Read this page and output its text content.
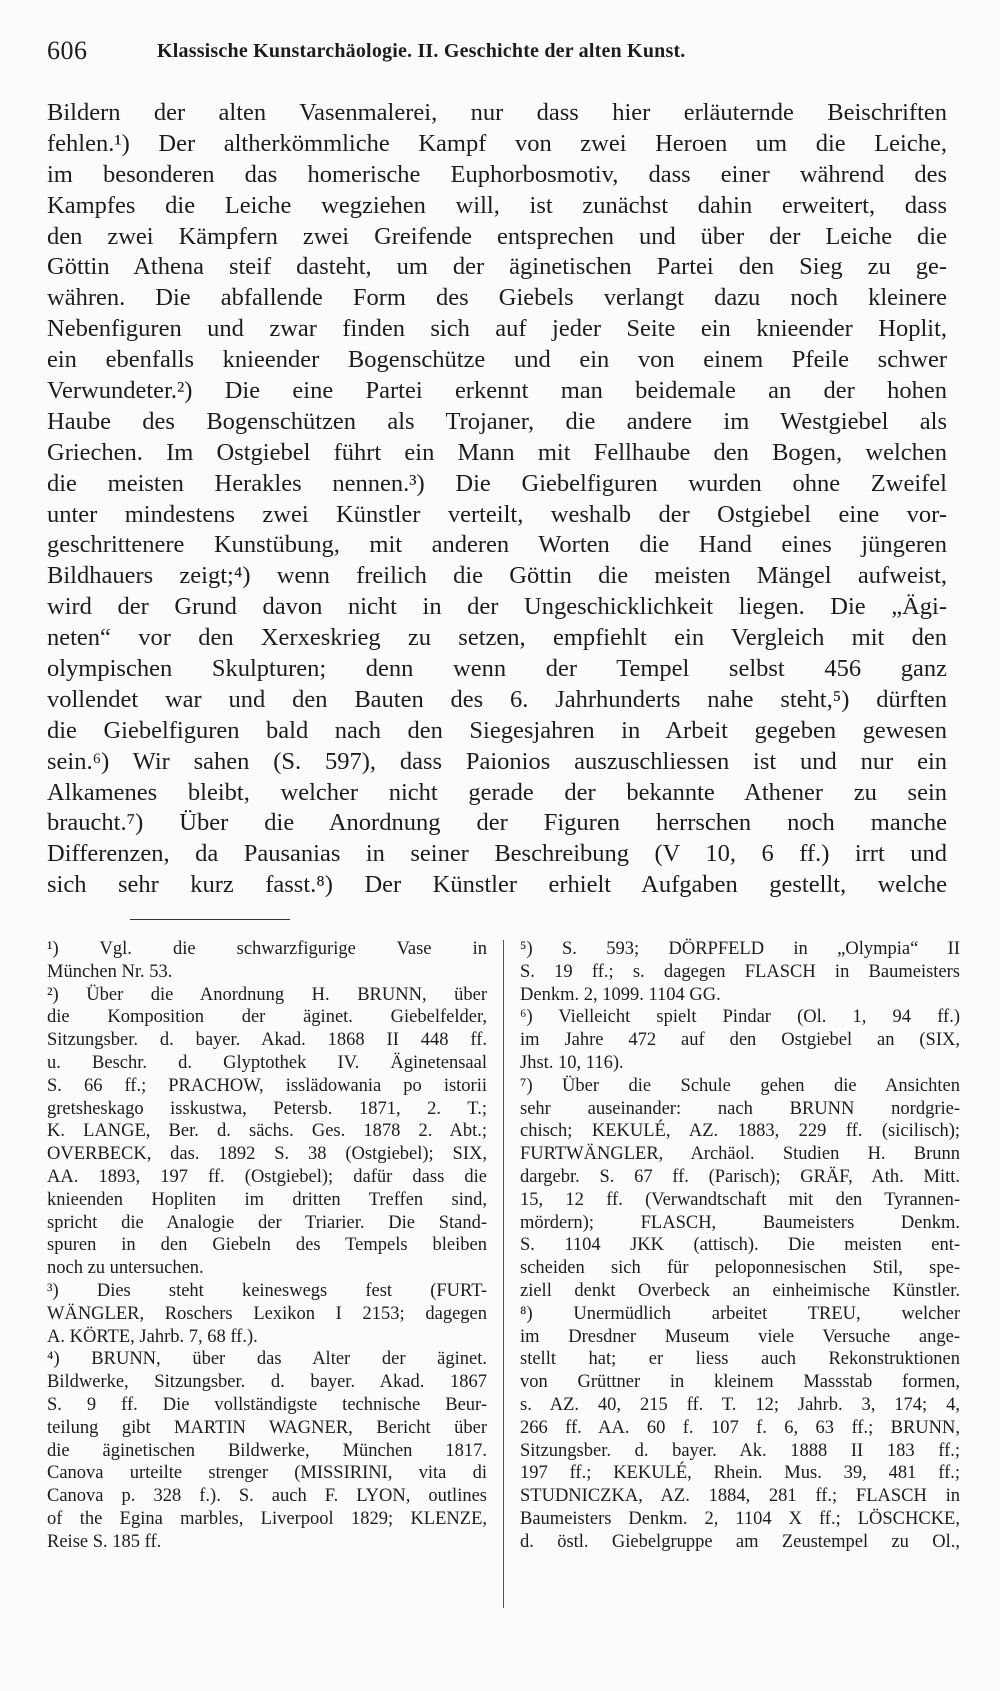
606	Klassische Kunstarchäologie. II. Geschichte der alten Kunst.
Bildern der alten Vasenmalerei, nur dass hier erläuternde Beischriften
fehlen.¹) Der altherkömmliche Kampf von zwei Heroen um die Leiche,
im besonderen das homerische Euphorbosmotiv, dass einer während des
Kampfes die Leiche wegziehen will, ist zunächst dahin erweitert, dass
den zwei Kämpfern zwei Greifende entsprechen und über der Leiche die
Göttin Athena steif dasteht, um der äginetischen Partei den Sieg zu ge-
währen. Die abfallende Form des Giebels verlangt dazu noch kleinere
Nebenfiguren und zwar finden sich auf jeder Seite ein knieender Hoplit,
ein ebenfalls knieender Bogenschütze und ein von einem Pfeile schwer
Verwundeter.²) Die eine Partei erkennt man beidemale an der hohen
Haube des Bogenschützen als Trojaner, die andere im Westgiebel als
Griechen. Im Ostgiebel führt ein Mann mit Fellhaube den Bogen, welchen
die meisten Herakles nennen.³) Die Giebelfiguren wurden ohne Zweifel
unter mindestens zwei Künstler verteilt, weshalb der Ostgiebel eine vor-
geschrittenere Kunstübung, mit anderen Worten die Hand eines jüngeren
Bildhauers zeigt;⁴) wenn freilich die Göttin die meisten Mängel aufweist,
wird der Grund davon nicht in der Ungeschicklichkeit liegen. Die „Ägi-
neten“ vor den Xerxeskrieg zu setzen, empfiehlt ein Vergleich mit den
olympischen Skulpturen; denn wenn der Tempel selbst 456 ganz
vollendet war und den Bauten des 6. Jahrhunderts nahe steht,⁵) dürften
die Giebelfiguren bald nach den Siegesjahren in Arbeit gegeben gewesen
sein.⁶) Wir sahen (S. 597), dass Paionios auszuschliessen ist und nur ein
Alkamenes bleibt, welcher nicht gerade der bekannte Athener zu sein
braucht.⁷) Über die Anordnung der Figuren herrschen noch manche
Differenzen, da Pausanias in seiner Beschreibung (V 10, 6 ff.) irrt und
sich sehr kurz fasst.⁸) Der Künstler erhielt Aufgaben gestellt, welche
¹) Vgl. die schwarzfigurige Vase in
München Nr. 53.
²) Über die Anordnung H. BRUNN, über
die Komposition der äginet. Giebelfelder,
Sitzungsber. d. bayer. Akad. 1868 II 448 ff.
u. Beschr. d. Glyptothek IV. Äginetensaal
S. 66 ff.; PRACHOW, isslädowania po istorii
gretsheskago isskustwa, Petersb. 1871, 2. T.;
K. LANGE, Ber. d. sächs. Ges. 1878 2. Abt.;
OVERBECK, das. 1892 S. 38 (Ostgiebel); SIX,
AA. 1893, 197 ff. (Ostgiebel); dafür dass die
knieenden Hopliten im dritten Treffen sind,
spricht die Analogie der Triarier. Die Stand-
spuren in den Giebeln des Tempels bleiben
noch zu untersuchen.
³) Dies steht keineswegs fest (FURT-
WÄNGLER, Roschers Lexikon I 2153; dagegen
A. KÖRTE, Jahrb. 7, 68 ff.).
⁴) BRUNN, über das Alter der äginet.
Bildwerke, Sitzungsber. d. bayer. Akad. 1867
S. 9 ff. Die vollständigste technische Beur-
teilung gibt MARTIN WAGNER, Bericht über
die äginetischen Bildwerke, München 1817.
Canova urteilte strenger (MISSIRINI, vita di
Canova p. 328 f.). S. auch F. LYON, outlines
of the Egina marbles, Liverpool 1829; KLENZE,
Reise S. 185 ff.
⁵) S. 593; DÖRPFELD in „Olympia“ II
S. 19 ff.; s. dagegen FLASCH in Baumeisters
Denkm. 2, 1099. 1104 GG.
⁶) Vielleicht spielt Pindar (Ol. 1, 94 ff.)
im Jahre 472 auf den Ostgiebel an (SIX,
Jhst. 10, 116).
⁷) Über die Schule gehen die Ansichten
sehr auseinander: nach BRUNN nordgrie-
chisch; KEKULÉ, AZ. 1883, 229 ff. (sicilisch);
FURTWÄNGLER, Archäol. Studien H. Brunn
dargebr. S. 67 ff. (Parisch); GRÄF, Ath. Mitt.
15, 12 ff. (Verwandtschaft mit den Tyrannen-
mördern); FLASCH, Baumeisters Denkm.
S. 1104 JKK (attisch). Die meisten ent-
scheiden sich für peloponnesischen Stil, spe-
ziell denkt Overbeck an einheimische Künstler.
⁸) Unermüdlich arbeitet TREU, welcher
im Dresdner Museum viele Versuche ange-
stellt hat; er liess auch Rekonstruktionen
von Grüttner in kleinem Massstab formen,
s. AZ. 40, 215 ff. T. 12; Jahrb. 3, 174; 4,
266 ff. AA. 60 f. 107 f. 6, 63 ff.; BRUNN,
Sitzungsber. d. bayer. Ak. 1888 II 183 ff.;
197 ff.; KEKULÉ, Rhein. Mus. 39, 481 ff.;
STUDNICZKA, AZ. 1884, 281 ff.; FLASCH in
Baumeisters Denkm. 2, 1104 X ff.; LÖSCHCKE,
d. östl. Giebelgruppe am Zeustempel zu Ol.,
